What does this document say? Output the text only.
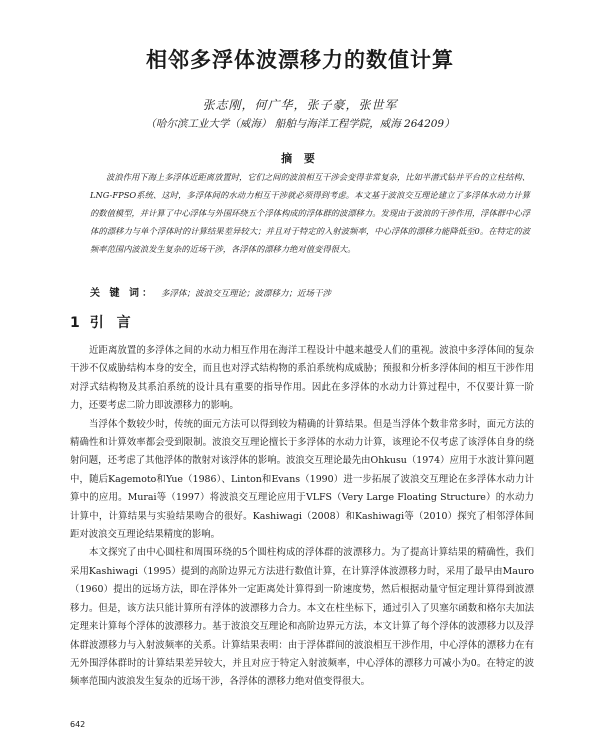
相邻多浮体波漂移力的数值计算
张志刚，何广华，张子豪，张世军
（哈尔滨工业大学（威海） 船舶与海洋工程学院，威海 264209）
摘 要

波浪作用下海上多浮体近距离放置时，它们之间的波浪相互干涉会变得非常复杂，比如半潜式钻井平台的立柱结构、LNG-FPSO系统、这时，多浮体间的水动力相互干涉就必须得到考虑。本文基于波浪交互理论建立了多浮体水动力计算的数值模型，并计算了中心浮体与外围环绕五个浮体构成的浮体群的波漂移力。发现由于波浪的干涉作用，浮体群中心浮体的漂移力与单个浮体时的计算结果差异较大；并且对于特定的入射波频率，中心浮体的漂移力能降低至0。在特定的波频率范围内波浪发生复杂的近场干涉，各浮体的漂移力绝对值变得很大。

关 键 词： 多浮体；波浪交互理论；波漂移力；近场干涉
1 引 言

近距离放置的多浮体之间的水动力相互作用在海洋工程设计中越来越受人们的重视。波浪中多浮体间的复杂干涉不仅威胁结构本身的安全，而且也对浮式结构物的系泊系统构成威胁；预报和分析多浮体间的相互干涉作用对浮式结构物及其系泊系统的设计具有重要的指导作用。因此在多浮体的水动力计算过程中，不仅要计算一阶力，还要考虑二阶力即波漂移力的影响。

当浮体个数较少时，传统的面元方法可以得到较为精确的计算结果。但是当浮体个数非常多时，面元方法的精确性和计算效率都会受到限制。波浪交互理论擅长于多浮体的水动力计算，该理论不仅考虑了该浮体自身的绕射问题，还考虑了其他浮体的散射对该浮体的影响。波浪交互理论最先由Ohkusu（1974）应用于水波计算问题中，随后Kagemoto和Yue（1986）、Linton和Evans（1990）进一步拓展了波浪交互理论在多浮体水动力计算中的应用。Murai等（1997）将波浪交互理论应用于VLFS（Very Large Floating Structure）的水动力计算中，计算结果与实验结果吻合的很好。Kashiwagi（2008）和Kashiwagi等（2010）探究了相邻浮体间距对波浪交互理论结果精度的影响。

本文探究了由中心圆柱和周围环绕的5个圆柱构成的浮体群的波漂移力。为了提高计算结果的精确性，我们采用Kashiwagi（1995）提到的高阶边界元方法进行数值计算，在计算浮体波漂移力时，采用了最早由Mauro（1960）提出的远场方法，即在浮体外一定距离处计算得到一阶速度势，然后根据动量守恒定理计算得到波漂移力。但是，该方法只能计算所有浮体的波漂移力合力。本文在柱坐标下，通过引入了贝塞尔函数和格尔夫加法定理来计算每个浮体的波漂移力。基于波浪交互理论和高阶边界元方法，本文计算了每个浮体的波漂移力以及浮体群波漂移力与入射波频率的关系。计算结果表明：由于浮体群间的波浪相互干涉作用，中心浮体的漂移力在有无外围浮体群时的计算结果差异较大，并且对应于特定入射波频率，中心浮体的漂移力可减小为0。在特定的波频率范围内波浪发生复杂的近场干涉，各浮体的漂移力绝对值变得很大。

642
